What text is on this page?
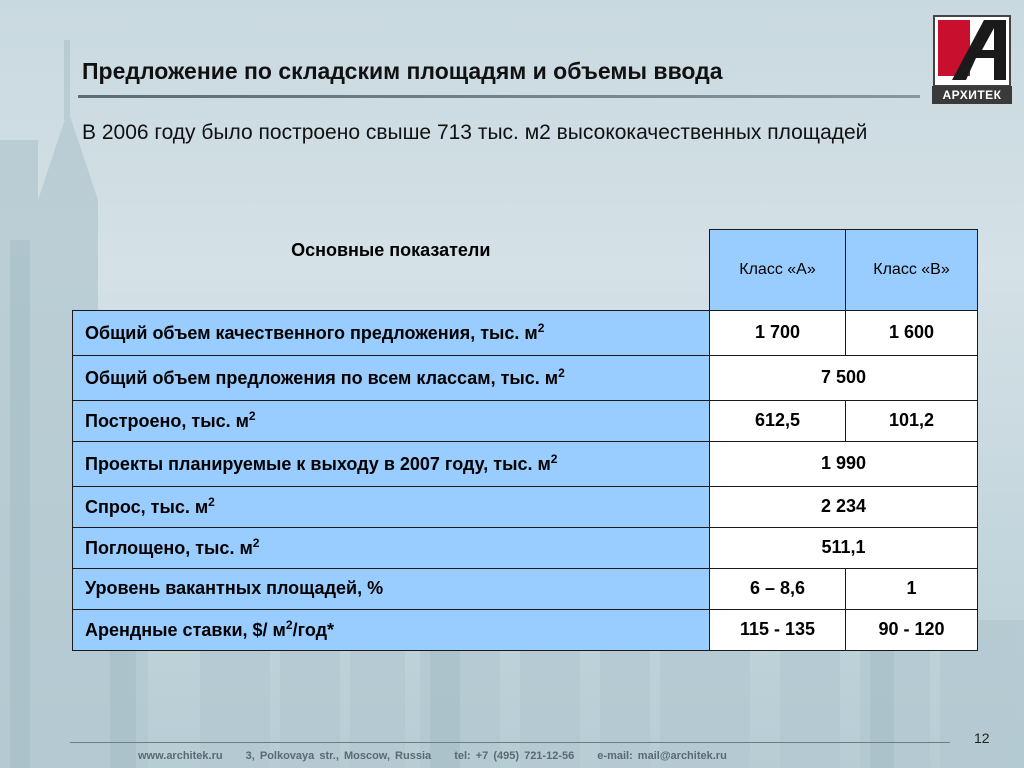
Предложение по складским площадям и объемы ввода
АРХИТЕК
В 2006 году было построено свыше 713 тыс. м2 высококачественных площадей
Основные показатели	Класс «А»	Класс «В»
Общий объем качественного предложения, тыс. $м^2$	1 700	1 600
Общий объем предложения по всем классам, тыс. $м^2$	7 500	
Построено, тыс. $м^2$	612,5	101,2
Проекты планируемые к выходу в 2007 году, тыс. $м^2$	1 990	
Спрос, тыс. $м^2$	2 234	
Поглощено, тыс. $м^2$	511,1	
Уровень вакантных площадей, %	6 – 8,6	1
Арендные ставки, $/ $м^2/год*$	115 - 135	90 - 120
www.architek.ru 3, Polkovaya str., Moscow, Russia tel: +7 (495) 721-12-56 e-mail: mail@architek.ru
12
